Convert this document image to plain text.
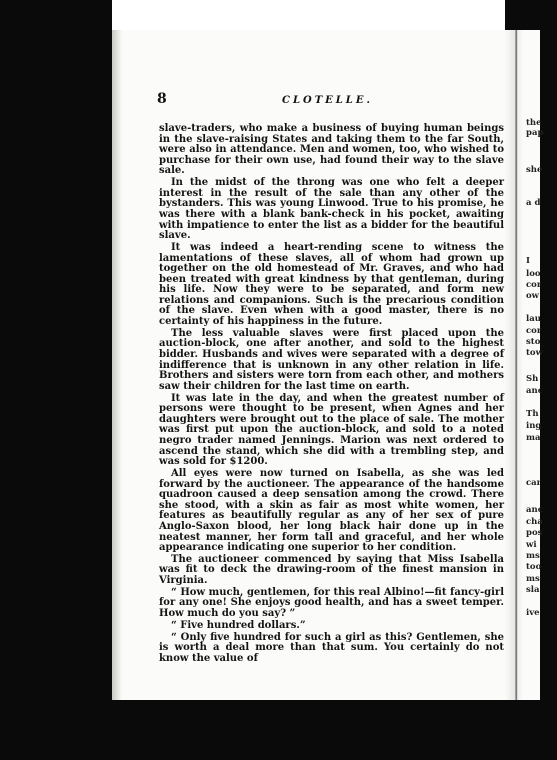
the
pap
she
a d
I
loo
cor
ow
lau
cor
sto
tow
Sh
anc
Th
ing
ma
car
anc
cha
pos
wi
ms
too
ms
sla
ive
8	CLOTELLE.

slave-traders, who make a business of buying human beings in the slave-raising States and taking them to the far South, were also in attendance. Men and women, too, who wished to purchase for their own use, had found their way to the slave sale.

In the midst of the throng was one who felt a deeper interest in the result of the sale than any other of the bystanders. This was young Linwood. True to his promise, he was there with a blank bank-check in his pocket, awaiting with impatience to enter the list as a bidder for the beautiful slave.

It was indeed a heart-rending scene to witness the lamentations of these slaves, all of whom had grown up together on the old homestead of Mr. Graves, and who had been treated with great kindness by that gentleman, during his life. Now they were to be separated, and form new relations and companions. Such is the precarious condition of the slave. Even when with a good master, there is no certainty of his happiness in the future.

The less valuable slaves were first placed upon the auction-block, one after another, and sold to the highest bidder. Husbands and wives were separated with a degree of indifference that is unknown in any other relation in life. Brothers and sisters were torn from each other, and mothers saw their children for the last time on earth.

It was late in the day, and when the greatest number of persons were thought to be present, when Agnes and her daughters were brought out to the place of sale. The mother was first put upon the auction-block, and sold to a noted negro trader named Jennings. Marion was next ordered to ascend the stand, which she did with a trembling step, and was sold for $1200.

All eyes were now turned on Isabella, as she was led forward by the auctioneer. The appearance of the handsome quadroon caused a deep sensation among the crowd. There she stood, with a skin as fair as most white women, her features as beautifully regular as any of her sex of pure Anglo-Saxon blood, her long black hair done up in the neatest manner, her form tall and graceful, and her whole appearance indicating one superior to her condition.

The auctioneer commenced by saying that Miss Isabella was fit to deck the drawing-room of the finest mansion in Virginia.

“ How much, gentlemen, for this real Albino!—fit fancy-girl for any one! She enjoys good health, and has a sweet temper. How much do you say? ”

“ Five hundred dollars.”

“ Only five hundred for such a girl as this? Gentlemen, she is worth a deal more than that sum. You certainly do not know the value of
